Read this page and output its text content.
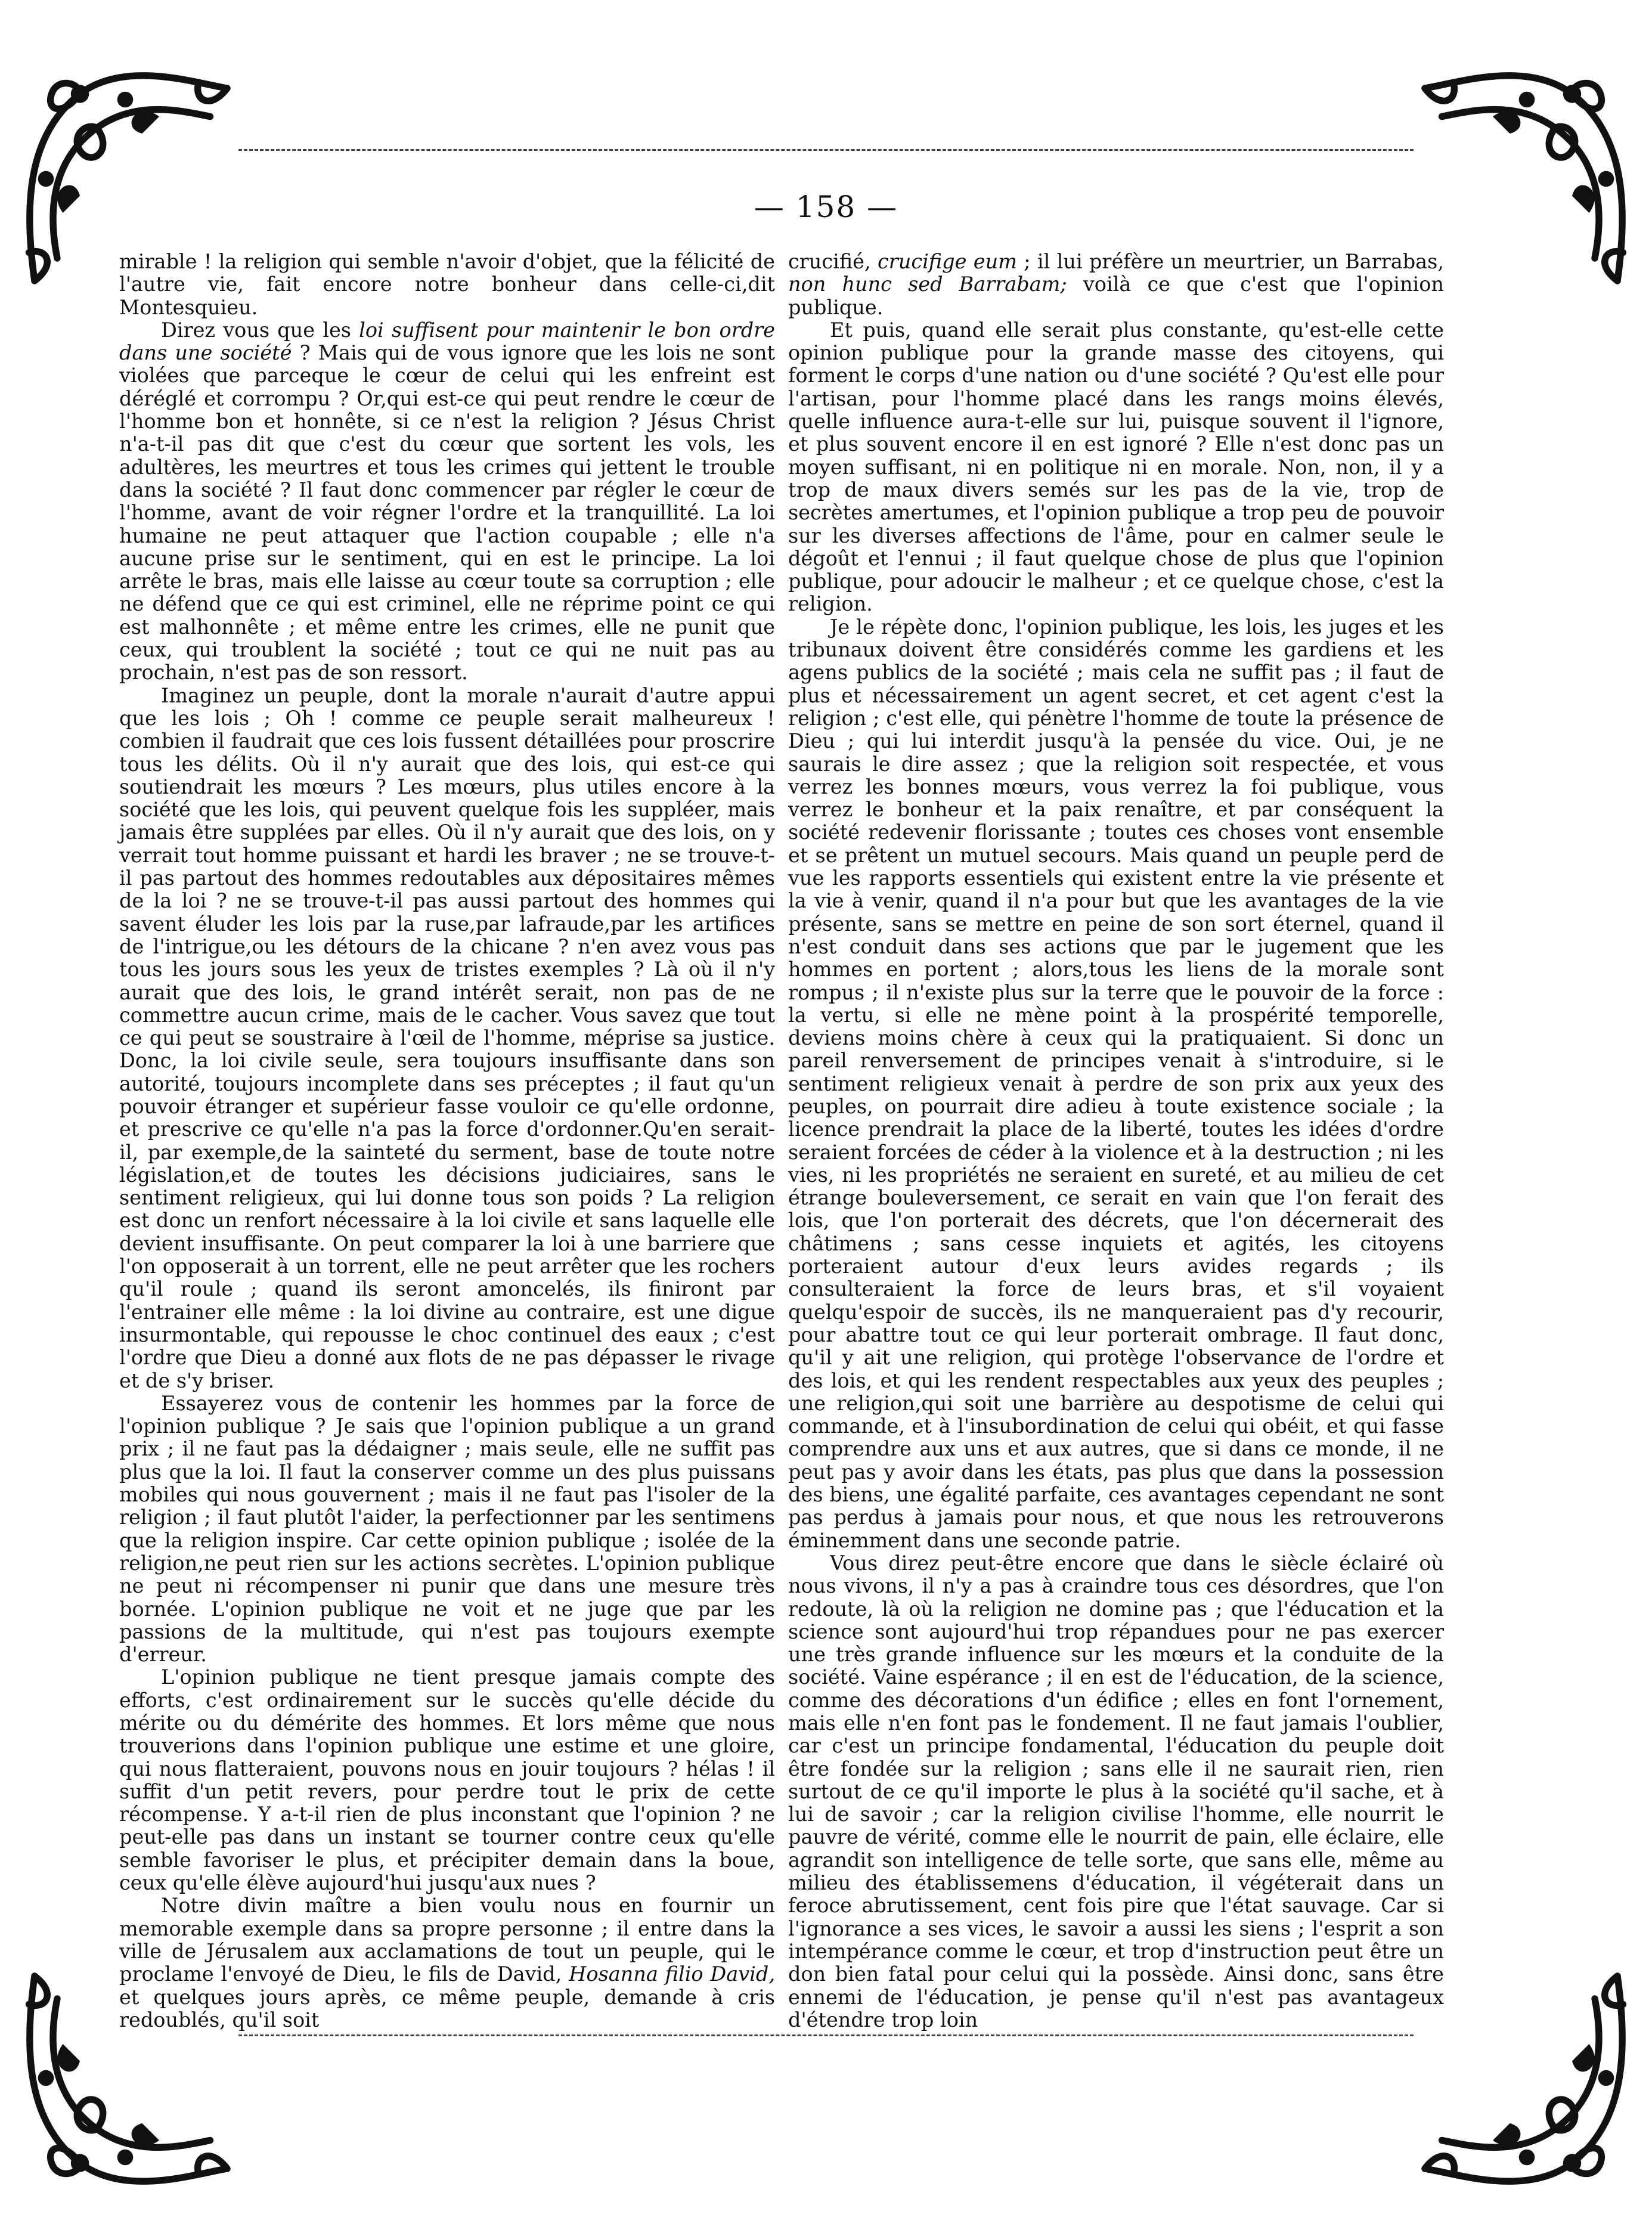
— 158 —

mirable ! la religion qui semble n'avoir d'objet, que la félicité de l'autre vie, fait encore notre bonheur dans celle-ci,dit Montesquieu.

Direz vous que les loi suffisent pour maintenir le bon ordre dans une société ? Mais qui de vous ignore que les lois ne sont violées que parceque le cœur de celui qui les enfreint est déréglé et corrompu ? Or,qui est-ce qui peut rendre le cœur de l'homme bon et honnête, si ce n'est la religion ? Jésus Christ n'a-t-il pas dit que c'est du cœur que sortent les vols, les adultères, les meurtres et tous les crimes qui jettent le trouble dans la société ? Il faut donc commencer par régler le cœur de l'homme, avant de voir régner l'ordre et la tranquillité. La loi humaine ne peut attaquer que l'action coupable ; elle n'a aucune prise sur le sentiment, qui en est le principe. La loi arrête le bras, mais elle laisse au cœur toute sa corruption ; elle ne défend que ce qui est criminel, elle ne réprime point ce qui est malhonnête ; et même entre les crimes, elle ne punit que ceux, qui troublent la société ; tout ce qui ne nuit pas au prochain, n'est pas de son ressort.

Imaginez un peuple, dont la morale n'aurait d'autre appui que les lois ; Oh ! comme ce peuple serait malheureux ! combien il faudrait que ces lois fussent détaillées pour proscrire tous les délits. Où il n'y aurait que des lois, qui est-ce qui soutiendrait les mœurs ? Les mœurs, plus utiles encore à la société que les lois, qui peuvent quelque fois les suppléer, mais jamais être supplées par elles. Où il n'y aurait que des lois, on y verrait tout homme puissant et hardi les braver ; ne se trouve-t-il pas partout des hommes redoutables aux dépositaires mêmes de la loi ? ne se trouve-t-il pas aussi partout des hommes qui savent éluder les lois par la ruse,par lafraude,par les artifices de l'intrigue,ou les détours de la chicane ? n'en avez vous pas tous les jours sous les yeux de tristes exemples ? Là où il n'y aurait que des lois, le grand intérêt serait, non pas de ne commettre aucun crime, mais de le cacher. Vous savez que tout ce qui peut se soustraire à l'œil de l'homme, méprise sa justice. Donc, la loi civile seule, sera toujours insuffisante dans son autorité, toujours incomplete dans ses préceptes ; il faut qu'un pouvoir étranger et supérieur fasse vouloir ce qu'elle ordonne, et prescrive ce qu'elle n'a pas la force d'ordonner.Qu'en serait-il, par exemple,de la sainteté du serment, base de toute notre législation,et de toutes les décisions judiciaires, sans le sentiment religieux, qui lui donne tous son poids ? La religion est donc un renfort nécessaire à la loi civile et sans laquelle elle devient insuffisante. On peut comparer la loi à une barriere que l'on opposerait à un torrent, elle ne peut arrêter que les rochers qu'il roule ; quand ils seront amoncelés, ils finiront par l'entrainer elle même : la loi divine au contraire, est une digue insurmontable, qui repousse le choc continuel des eaux ; c'est l'ordre que Dieu a donné aux flots de ne pas dépasser le rivage et de s'y briser.

Essayerez vous de contenir les hommes par la force de l'opinion publique ? Je sais que l'opinion publique a un grand prix ; il ne faut pas la dédaigner ; mais seule, elle ne suffit pas plus que la loi. Il faut la conserver comme un des plus puissans mobiles qui nous gouvernent ; mais il ne faut pas l'isoler de la religion ; il faut plutôt l'aider, la perfectionner par les sentimens que la religion inspire. Car cette opinion publique ; isolée de la religion,ne peut rien sur les actions secrètes. L'opinion publique ne peut ni récompenser ni punir que dans une mesure très bornée. L'opinion publique ne voit et ne juge que par les passions de la multitude, qui n'est pas toujours exempte d'erreur.

L'opinion publique ne tient presque jamais compte des efforts, c'est ordinairement sur le succès qu'elle décide du mérite ou du démérite des hommes. Et lors même que nous trouverions dans l'opinion publique une estime et une gloire, qui nous flatteraient, pouvons nous en jouir toujours ? hélas ! il suffit d'un petit revers, pour perdre tout le prix de cette récompense. Y a-t-il rien de plus inconstant que l'opinion ? ne peut-elle pas dans un instant se tourner contre ceux qu'elle semble favoriser le plus, et précipiter demain dans la boue, ceux qu'elle élève aujourd'hui jusqu'aux nues ?

Notre divin maître a bien voulu nous en fournir un memorable exemple dans sa propre personne ; il entre dans la ville de Jérusalem aux acclamations de tout un peuple, qui le proclame l'envoyé de Dieu, le fils de David, Hosanna filio David, et quelques jours après, ce même peuple, demande à cris redoublés, qu'il soit

crucifié, crucifige eum ; il lui préfère un meurtrier, un Barrabas, non hunc sed Barrabam; voilà ce que c'est que l'opinion publique.

Et puis, quand elle serait plus constante, qu'est-elle cette opinion publique pour la grande masse des citoyens, qui forment le corps d'une nation ou d'une société ? Qu'est elle pour l'artisan, pour l'homme placé dans les rangs moins élevés, quelle influence aura-t-elle sur lui, puisque souvent il l'ignore, et plus souvent encore il en est ignoré ? Elle n'est donc pas un moyen suffisant, ni en politique ni en morale. Non, non, il y a trop de maux divers semés sur les pas de la vie, trop de secrètes amertumes, et l'opinion publique a trop peu de pouvoir sur les diverses affections de l'âme, pour en calmer seule le dégoût et l'ennui ; il faut quelque chose de plus que l'opinion publique, pour adoucir le malheur ; et ce quelque chose, c'est la religion.

Je le répète donc, l'opinion publique, les lois, les juges et les tribunaux doivent être considérés comme les gardiens et les agens publics de la société ; mais cela ne suffit pas ; il faut de plus et nécessairement un agent secret, et cet agent c'est la religion ; c'est elle, qui pénètre l'homme de toute la présence de Dieu ; qui lui interdit jusqu'à la pensée du vice. Oui, je ne saurais le dire assez ; que la religion soit respectée, et vous verrez les bonnes mœurs, vous verrez la foi publique, vous verrez le bonheur et la paix renaître, et par conséquent la société redevenir florissante ; toutes ces choses vont ensemble et se prêtent un mutuel secours. Mais quand un peuple perd de vue les rapports essentiels qui existent entre la vie présente et la vie à venir, quand il n'a pour but que les avantages de la vie présente, sans se mettre en peine de son sort éternel, quand il n'est conduit dans ses actions que par le jugement que les hommes en portent ; alors,tous les liens de la morale sont rompus ; il n'existe plus sur la terre que le pouvoir de la force : la vertu, si elle ne mène point à la prospérité temporelle, deviens moins chère à ceux qui la pratiquaient. Si donc un pareil renversement de principes venait à s'introduire, si le sentiment religieux venait à perdre de son prix aux yeux des peuples, on pourrait dire adieu à toute existence sociale ; la licence prendrait la place de la liberté, toutes les idées d'ordre seraient forcées de céder à la violence et à la destruction ; ni les vies, ni les propriétés ne seraient en sureté, et au milieu de cet étrange bouleversement, ce serait en vain que l'on ferait des lois, que l'on porterait des décrets, que l'on décernerait des châtimens ; sans cesse inquiets et agités, les citoyens porteraient autour d'eux leurs avides regards ; ils consulteraient la force de leurs bras, et s'il voyaient quelqu'espoir de succès, ils ne manqueraient pas d'y recourir, pour abattre tout ce qui leur porterait ombrage. Il faut donc, qu'il y ait une religion, qui protège l'observance de l'ordre et des lois, et qui les rendent respectables aux yeux des peuples ; une religion,qui soit une barrière au despotisme de celui qui commande, et à l'insubordination de celui qui obéit, et qui fasse comprendre aux uns et aux autres, que si dans ce monde, il ne peut pas y avoir dans les états, pas plus que dans la possession des biens, une égalité parfaite, ces avantages cependant ne sont pas perdus à jamais pour nous, et que nous les retrouverons éminemment dans une seconde patrie.

Vous direz peut-être encore que dans le siècle éclairé où nous vivons, il n'y a pas à craindre tous ces désordres, que l'on redoute, là où la religion ne domine pas ; que l'éducation et la science sont aujourd'hui trop répandues pour ne pas exercer une très grande influence sur les mœurs et la conduite de la société. Vaine espérance ; il en est de l'éducation, de la science, comme des décorations d'un édifice ; elles en font l'ornement, mais elle n'en font pas le fondement. Il ne faut jamais l'oublier, car c'est un principe fondamental, l'éducation du peuple doit être fondée sur la religion ; sans elle il ne saurait rien, rien surtout de ce qu'il importe le plus à la société qu'il sache, et à lui de savoir ; car la religion civilise l'homme, elle nourrit le pauvre de vérité, comme elle le nourrit de pain, elle éclaire, elle agrandit son intelligence de telle sorte, que sans elle, même au milieu des établissemens d'éducation, il végéterait dans un feroce abrutissement, cent fois pire que l'état sauvage. Car si l'ignorance a ses vices, le savoir a aussi les siens ; l'esprit a son intempérance comme le cœur, et trop d'instruction peut être un don bien fatal pour celui qui la possède. Ainsi donc, sans être ennemi de l'éducation, je pense qu'il n'est pas avantageux d'étendre trop loin
